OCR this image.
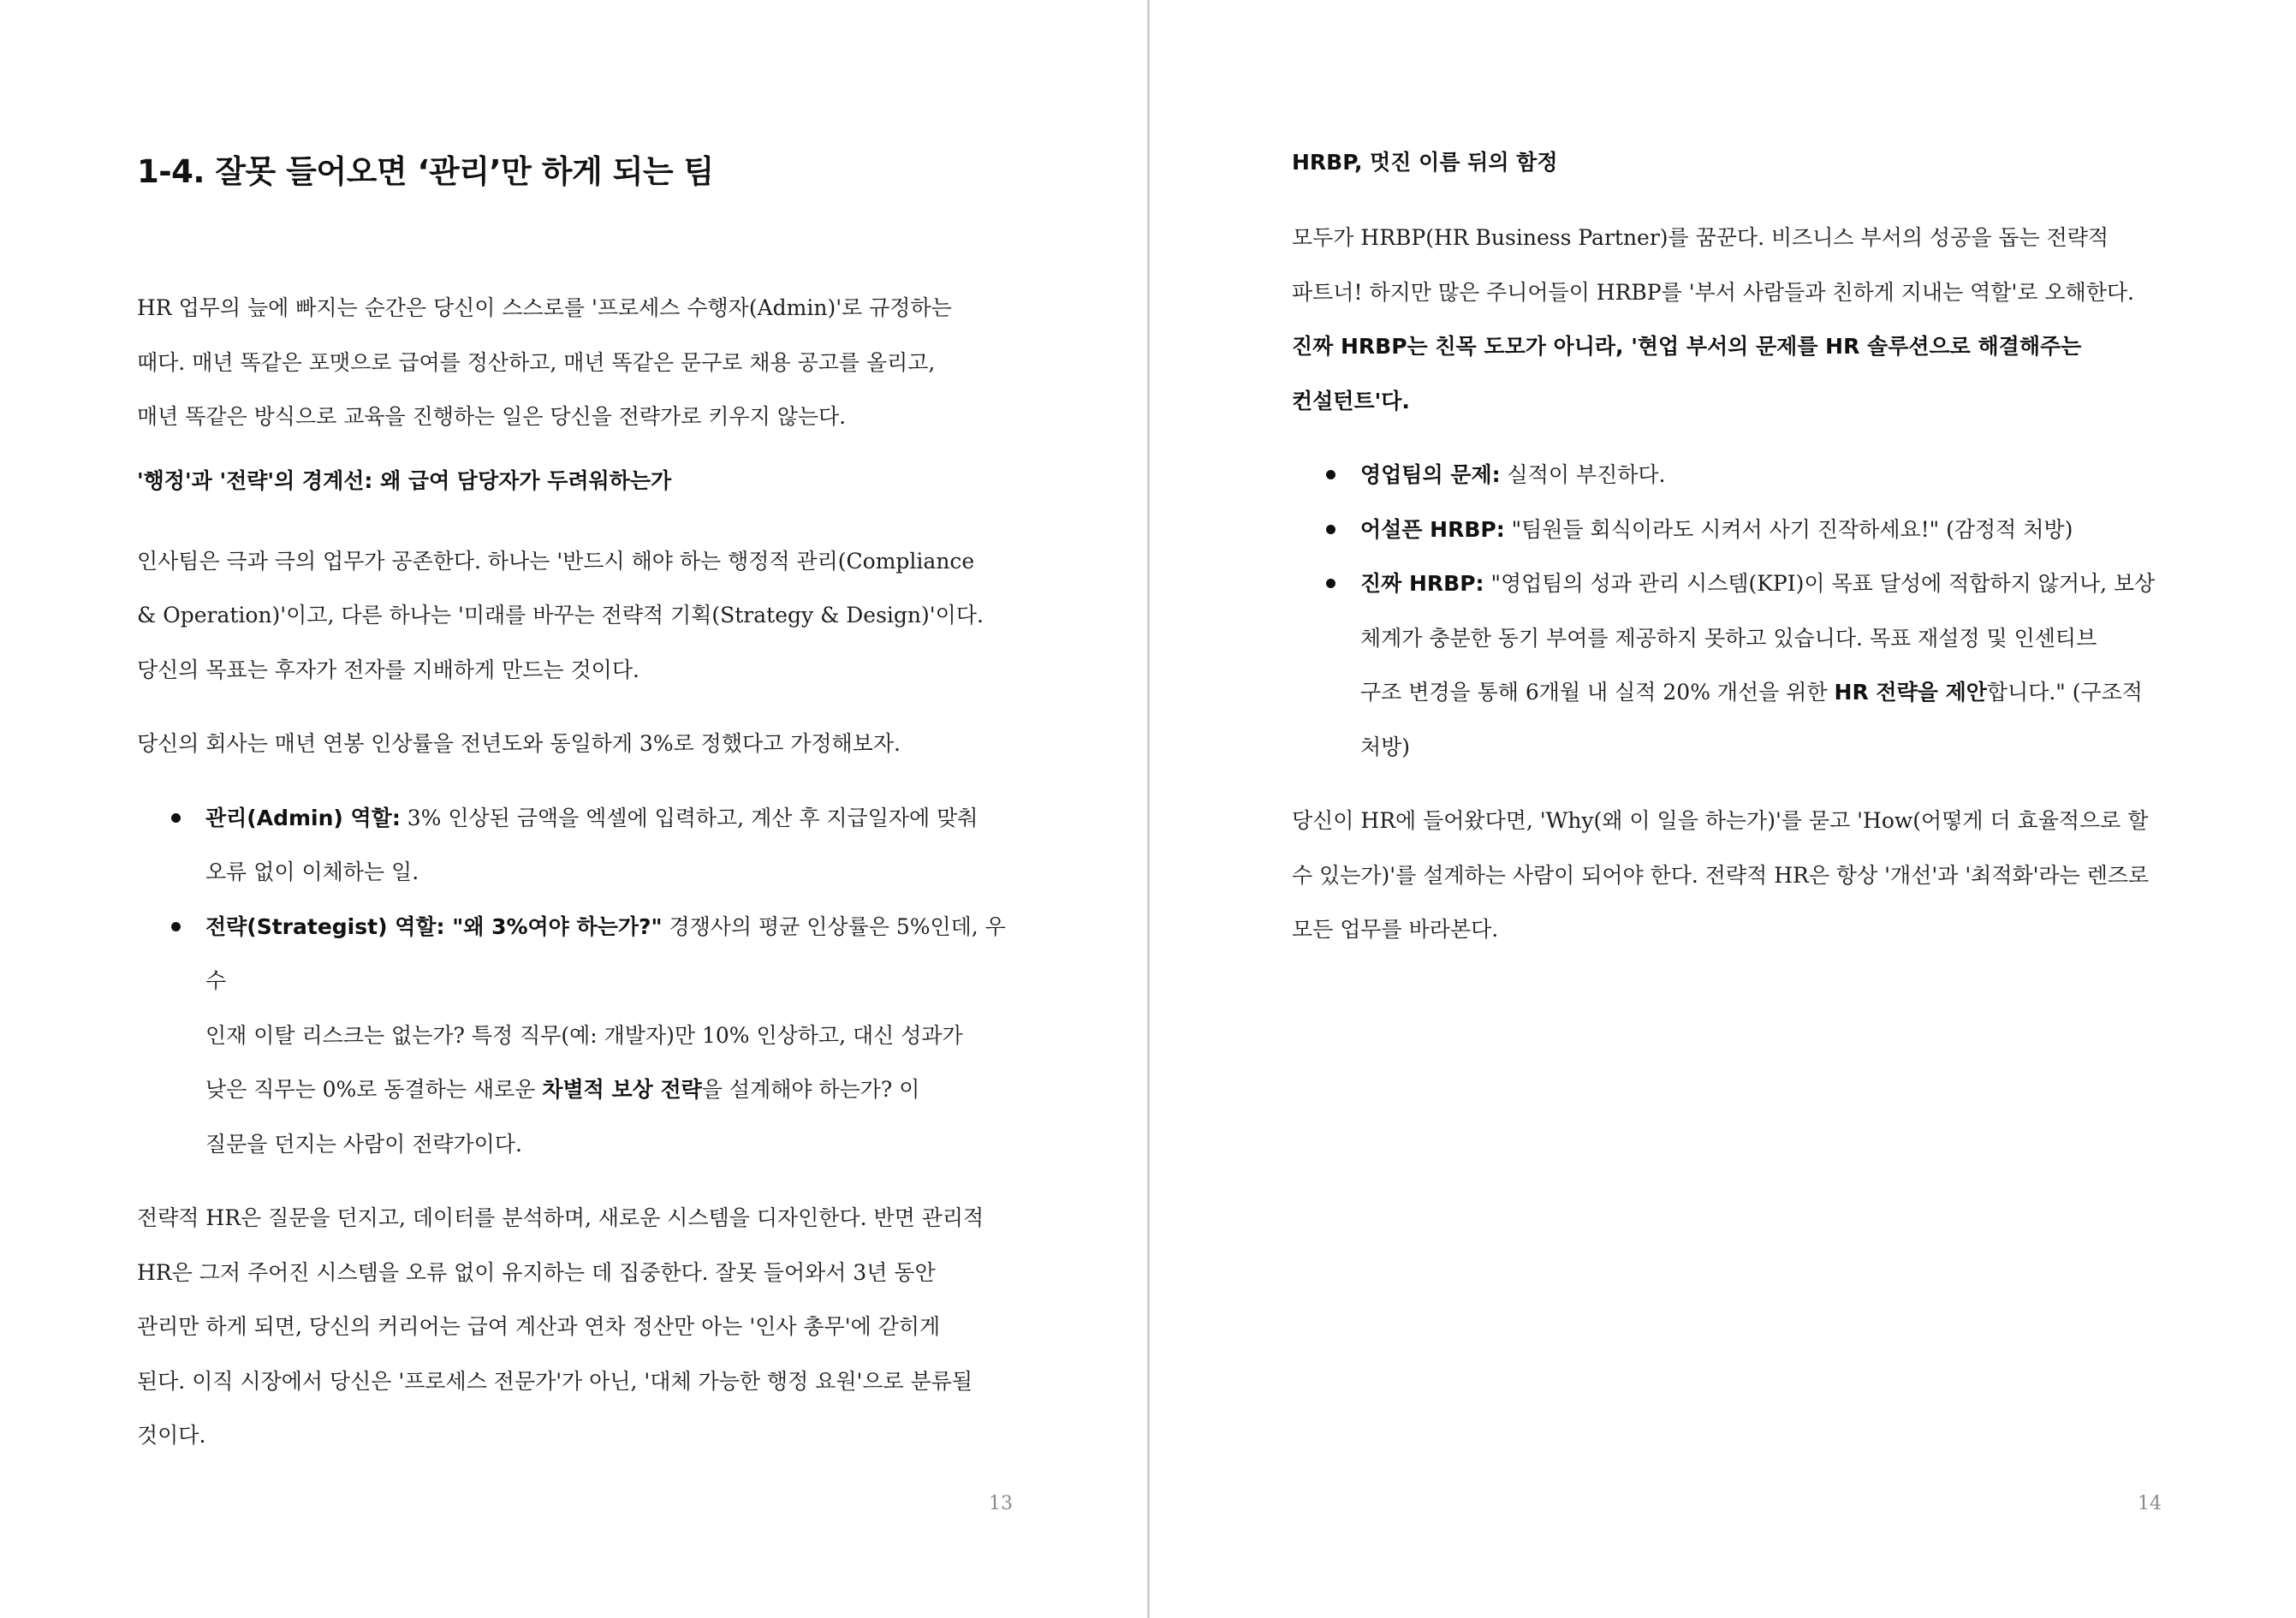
1-4. 잘못 들어오면 ‘관리’만 하게 되는 팀

HR 업무의 늪에 빠지는 순간은 당신이 스스로를 '프로세스 수행자(Admin)'로 규정하는
때다. 매년 똑같은 포맷으로 급여를 정산하고, 매년 똑같은 문구로 채용 공고를 올리고,
매년 똑같은 방식으로 교육을 진행하는 일은 당신을 전략가로 키우지 않는다.

'행정'과 '전략'의 경계선: 왜 급여 담당자가 두려워하는가

인사팀은 극과 극의 업무가 공존한다. 하나는 '반드시 해야 하는 행정적 관리(Compliance
& Operation)'이고, 다른 하나는 '미래를 바꾸는 전략적 기획(Strategy & Design)'이다.
당신의 목표는 후자가 전자를 지배하게 만드는 것이다.

당신의 회사는 매년 연봉 인상률을 전년도와 동일하게 3%로 정했다고 가정해보자.

관리(Admin) 역할: 3% 인상된 금액을 엑셀에 입력하고, 계산 후 지급일자에 맞춰
오류 없이 이체하는 일.
전략(Strategist) 역할: "왜 3%여야 하는가?" 경쟁사의 평균 인상률은 5%인데, 우수
인재 이탈 리스크는 없는가? 특정 직무(예: 개발자)만 10% 인상하고, 대신 성과가
낮은 직무는 0%로 동결하는 새로운 차별적 보상 전략을 설계해야 하는가? 이
질문을 던지는 사람이 전략가이다.

전략적 HR은 질문을 던지고, 데이터를 분석하며, 새로운 시스템을 디자인한다. 반면 관리적
HR은 그저 주어진 시스템을 오류 없이 유지하는 데 집중한다. 잘못 들어와서 3년 동안
관리만 하게 되면, 당신의 커리어는 급여 계산과 연차 정산만 아는 '인사 총무'에 갇히게
된다. 이직 시장에서 당신은 '프로세스 전문가'가 아닌, '대체 가능한 행정 요원'으로 분류될
것이다.

13
HRBP, 멋진 이름 뒤의 함정

모두가 HRBP(HR Business Partner)를 꿈꾼다. 비즈니스 부서의 성공을 돕는 전략적
파트너! 하지만 많은 주니어들이 HRBP를 '부서 사람들과 친하게 지내는 역할'로 오해한다.
진짜 HRBP는 친목 도모가 아니라, '현업 부서의 문제를 HR 솔루션으로 해결해주는
컨설턴트'다.

영업팀의 문제: 실적이 부진하다.
어설픈 HRBP: "팀원들 회식이라도 시켜서 사기 진작하세요!" (감정적 처방)
진짜 HRBP: "영업팀의 성과 관리 시스템(KPI)이 목표 달성에 적합하지 않거나, 보상
체계가 충분한 동기 부여를 제공하지 못하고 있습니다. 목표 재설정 및 인센티브
구조 변경을 통해 6개월 내 실적 20% 개선을 위한 HR 전략을 제안합니다." (구조적
처방)

당신이 HR에 들어왔다면, 'Why(왜 이 일을 하는가)'를 묻고 'How(어떻게 더 효율적으로 할
수 있는가)'를 설계하는 사람이 되어야 한다. 전략적 HR은 항상 '개선'과 '최적화'라는 렌즈로
모든 업무를 바라본다.

14
